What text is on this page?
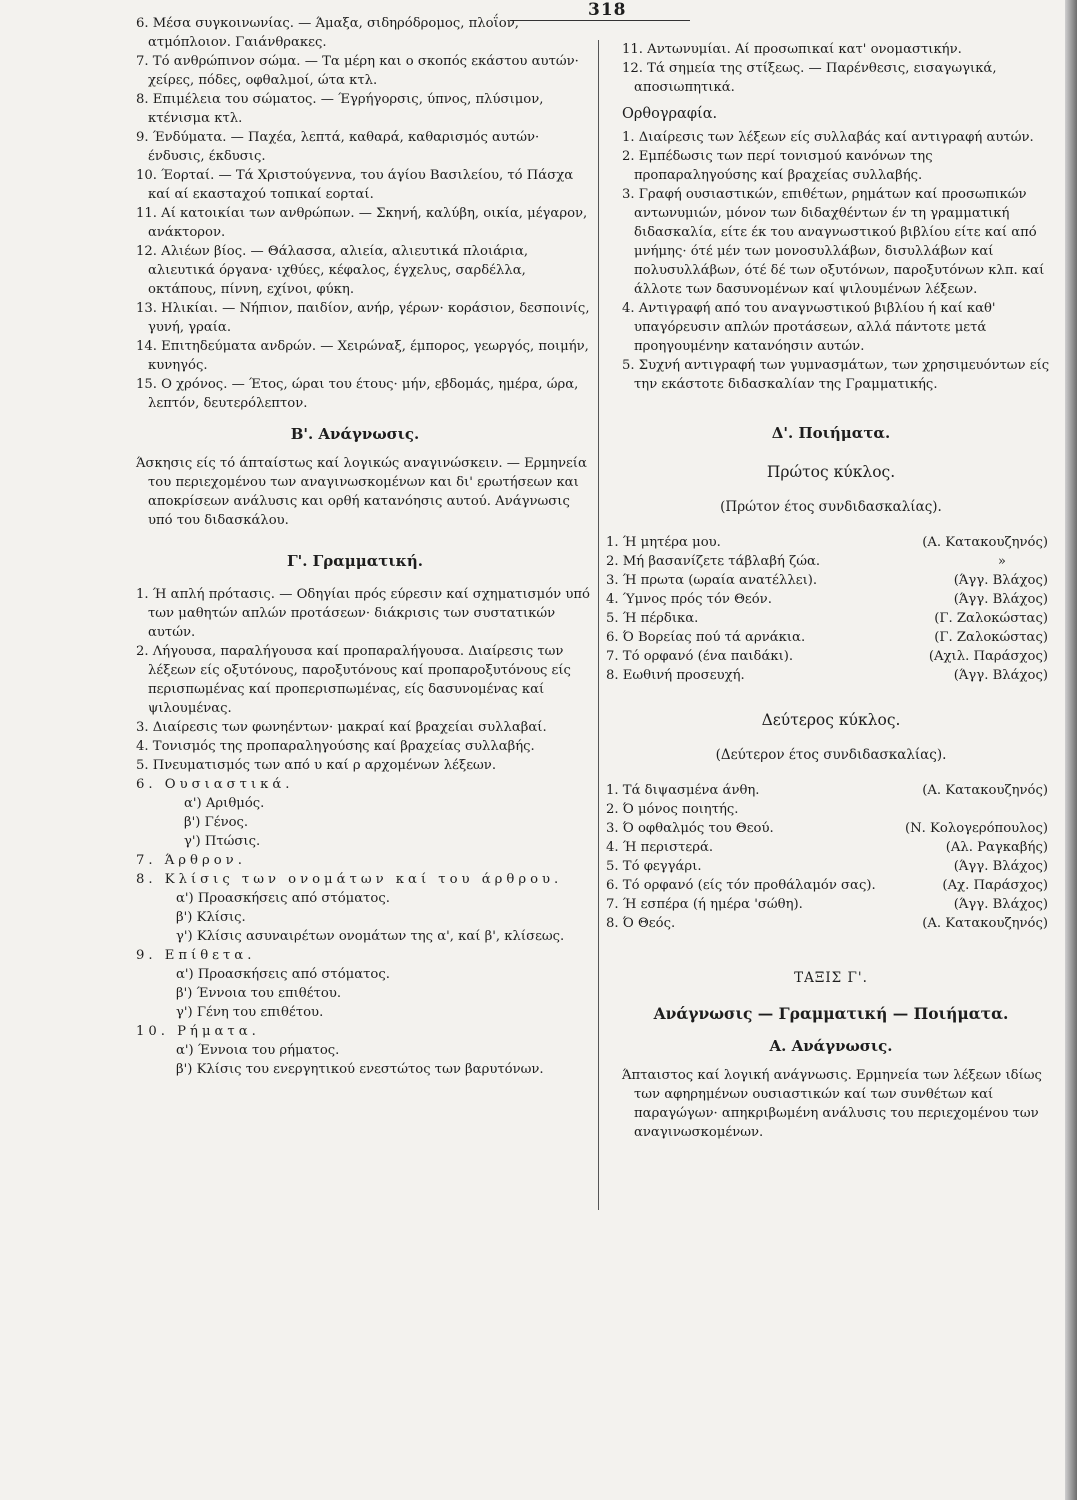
318

6. Μέσα συγκοινωνίας. — Άμαξα, σιδηρόδρομος, πλοΐον, ατμόπλοιον. Γαιάνθρακες.

7. Τό ανθρώπινον σώμα. — Τα μέρη και ο σκοπός εκάστου αυτών· χείρες, πόδες, οφθαλμοί, ώτα κτλ.

8. Επιμέλεια του σώματος. — Έγρήγορσις, ύπνος, πλύσιμον, κτένισμα κτλ.

9. Ένδύματα. — Παχέα, λεπτά, καθαρά, καθαρισμός αυτών· ένδυσις, έκδυσις.

10. Έορταί. — Τά Χριστούγεννα, του άγίου Βασιλείου, τό Πάσχα καί αί εκασταχού τοπικαί εορταί.

11. Αί κατοικίαι των ανθρώπων. — Σκηνή, καλύβη, οικία, μέγαρον, ανάκτορον.

12. Αλιέων βίος. — Θάλασσα, αλιεία, αλιευτικά πλοιάρια, αλιευτικά όργανα· ιχθύες, κέφαλος, έγχελυς, σαρδέλλα, οκτάπους, πίννη, εχίνοι, φύκη.

13. Ηλικίαι. — Νήπιον, παιδίον, ανήρ, γέρων· κοράσιον, δεσποινίς, γυνή, γραία.

14. Επιτηδεύματα ανδρών. — Χειρώναξ, έμπορος, γεωργός, ποιμήν, κυνηγός.

15. Ο χρόνος. — Έτος, ώραι του έτους· μήν, εβδομάς, ημέρα, ώρα, λεπτόν, δευτερόλεπτον.

Β'. Ανάγνωσις.

Άσκησις είς τό άπταίστως καί λογικώς αναγινώσκειν. — Ερμηνεία του περιεχομένου των αναγινωσκομένων και δι' ερωτήσεων και αποκρίσεων ανάλυσις και ορθή κατανόησις αυτού. Ανάγνωσις υπό του διδασκάλου.

Γ'. Γραμματική.

1. Ή απλή πρότασις. — Οδηγίαι πρός εύρεσιν καί σχηματισμόν υπό των μαθητών απλών προτάσεων· διάκρισις των συστατικών αυτών.

2. Λήγουσα, παραλήγουσα καί προπαραλήγουσα. Διαίρεσις των λέξεων είς οξυτόνους, παροξυτόνους καί προπαροξυτόνους είς περισπωμένας καί προπερισπωμένας, είς δασυνομένας καί ψιλουμένας.

3. Διαίρεσις των φωνηέντων· μακραί καί βραχείαι συλλαβαί.

4. Τονισμός της προπαραληγούσης καί βραχείας συλλαβής.

5. Πνευματισμός των από υ καί ρ αρχομένων λέξεων.

6. Ουσιαστικά.

α') Αριθμός.

β') Γένος.

γ') Πτώσις.

7. Άρθρον.

8. Κλίσις των ονομάτων καί του άρθρου.

α') Προασκήσεις από στόματος.

β') Κλίσις.

γ') Κλίσις ασυναιρέτων ονομάτων της α', καί β', κλίσεως.

9. Επίθετα.

α') Προασκήσεις από στόματος.

β') Έννοια του επιθέτου.

γ') Γένη του επιθέτου.

10. Ρήματα.

α') Έννοια του ρήματος.

β') Κλίσις του ενεργητικού ενεστώτος των βαρυτόνων.

11. Αντωνυμίαι. Αί προσωπικαί κατ' ονομαστικήν.

12. Τά σημεία της στίξεως. — Παρένθεσις, εισαγωγικά, αποσιωπητικά.

Ορθογραφία.

1. Διαίρεσις των λέξεων είς συλλαβάς καί αντιγραφή αυτών.

2. Εμπέδωσις των περί τονισμού κανόνων της προπαραληγούσης καί βραχείας συλλαβής.

3. Γραφή ουσιαστικών, επιθέτων, ρημάτων καί προσωπικών αντωνυμιών, μόνον των διδαχθέντων έν τη γραμματική διδασκαλία, είτε έκ του αναγνωστικού βιβλίου είτε καί από μνήμης· ότέ μέν των μονοσυλλάβων, δισυλλάβων καί πολυσυλλάβων, ότέ δέ των οξυτόνων, παροξυτόνων κλπ. καί άλλοτε των δασυνομένων καί ψιλουμένων λέξεων.

4. Αντιγραφή από του αναγνωστικού βιβλίου ή καί καθ' υπαγόρευσιν απλών προτάσεων, αλλά πάντοτε μετά προηγουμένην κατανόησιν αυτών.

5. Συχνή αντιγραφή των γυμνασμάτων, των χρησιμευόντων είς την εκάστοτε διδασκαλίαν της Γραμματικής.

Δ'. Ποιήματα.
Πρώτος κύκλος.
(Πρώτον έτος συνδιδασκαλίας).
1. Ή μητέρα μου.	(Α. Κατακουζηνός)
2. Μή βασανίζετε τάβλαβή ζώα.	»
3. Ή πρωτα (ωραία ανατέλλει).	(Άγγ. Βλάχος)
4. Ύμνος πρός τόν Θεόν.	(Άγγ. Βλάχος)
5. Ή πέρδικα.	(Γ. Ζαλοκώστας)
6. Ό Βορείας πού τά αρνάκια.	(Γ. Ζαλοκώστας)
7. Τό ορφανό (ένα παιδάκι).	(Αχιλ. Παράσχος)
8. Εωθινή προσευχή.	(Άγγ. Βλάχος)
Δεύτερος κύκλος.
(Δεύτερον έτος συνδιδασκαλίας).
1. Τά διψασμένα άνθη.	(Α. Κατακουζηνός)
2. Ό μόνος ποιητής.
3. Ό οφθαλμός του Θεού.	(Ν. Κολογερόπουλος)
4. Ή περιστερά.	(Αλ. Ραγκαβής)
5. Τό φεγγάρι.	(Άγγ. Βλάχος)
6. Τό ορφανό (είς τόν προθάλαμόν σας).	(Αχ. Παράσχος)
7. Ή εσπέρα (ή ημέρα 'σώθη).	(Άγγ. Βλάχος)
8. Ό Θεός.	(Α. Κατακουζηνός)
ΤΑΞΙΣ Γ'.
Ανάγνωσις — Γραμματική — Ποιήματα.
Α. Ανάγνωσις.

Άπταιστος καί λογική ανάγνωσις. Ερμηνεία των λέξεων ιδίως των αφηρημένων ουσιαστικών καί των συνθέτων καί παραγώγων· απηκριβωμένη ανάλυσις του περιεχομένου των αναγινωσκομένων.
